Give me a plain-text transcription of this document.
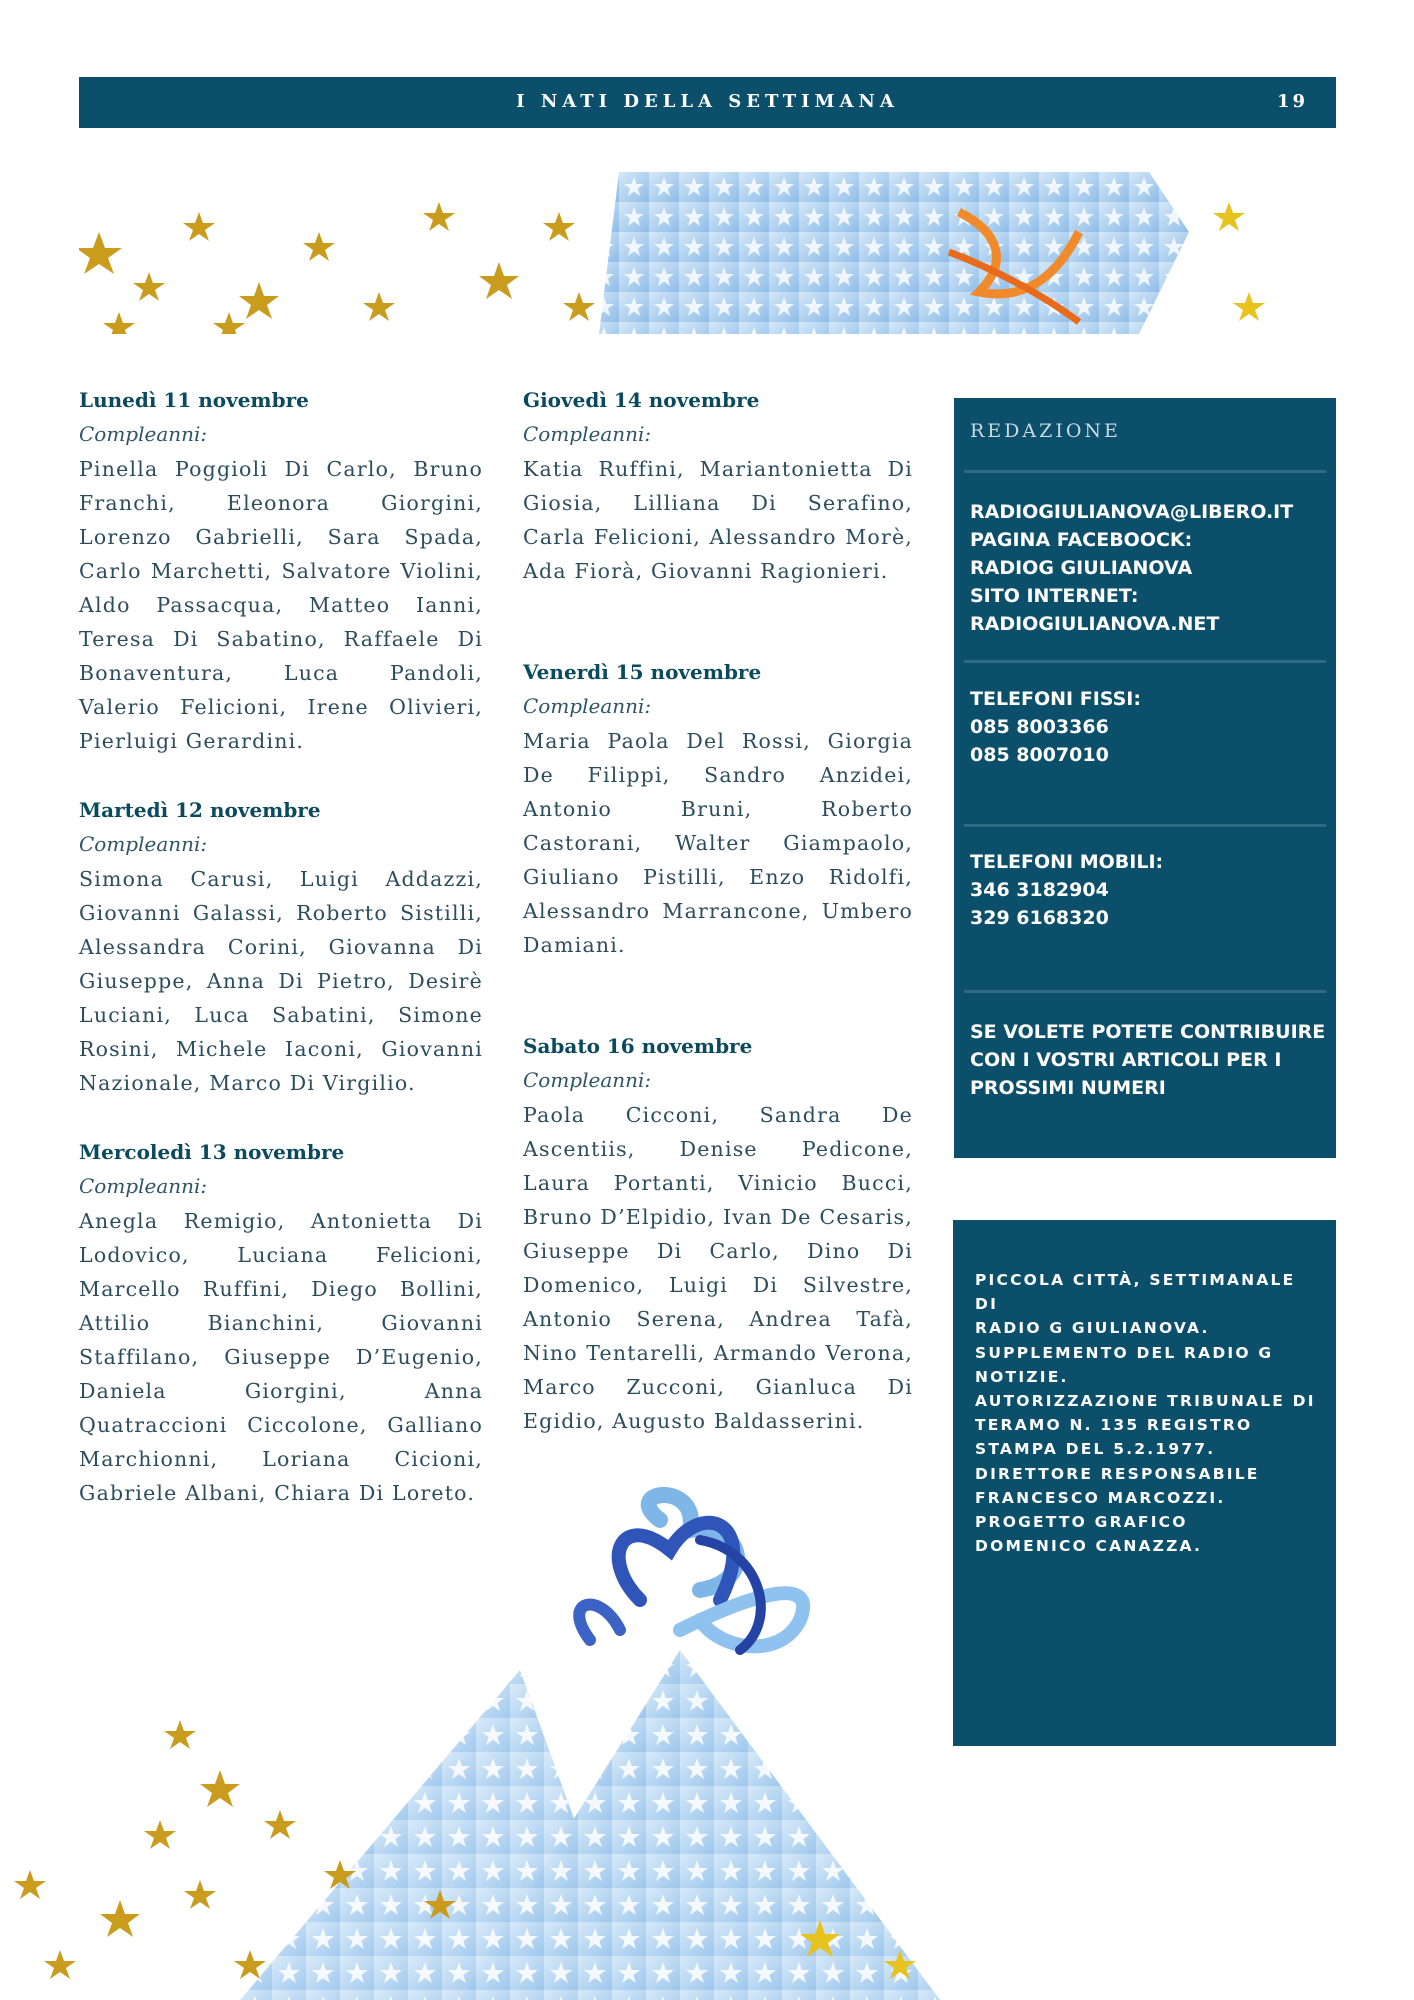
I NATI DELLA SETTIMANA	19
Lunedì 11 novembre
Compleanni:

Pinella Poggioli Di Carlo, Bruno Franchi, Eleonora Giorgini, Lorenzo Gabrielli, Sara Spada, Carlo Marchetti, Salvatore Violini, Aldo Passacqua, Matteo Ianni, Teresa Di Sabatino, Raffaele Di Bonaventura, Luca Pandoli, Valerio Felicioni, Irene Olivieri, Pierluigi Gerardini.

Martedì 12 novembre
Compleanni:

Simona Carusi, Luigi Addazzi, Giovanni Galassi, Roberto Sistilli, Alessandra Corini, Giovanna Di Giuseppe, Anna Di Pietro, Desirè Luciani, Luca Sabatini, Simone Rosini, Michele Iaconi, Giovanni Nazionale, Marco Di Virgilio.

Mercoledì 13 novembre
Compleanni:

Anegla Remigio, Antonietta Di Lodovico, Luciana Felicioni, Marcello Ruffini, Diego Bollini, Attilio Bianchini, Giovanni Staffilano, Giuseppe D’Eugenio, Daniela Giorgini, Anna Quatraccioni Ciccolone, Galliano Marchionni, Loriana Cicioni, Gabriele Albani, Chiara Di Loreto.

Giovedì 14 novembre
Compleanni:

Katia Ruffini, Mariantonietta Di Giosia, Lilliana Di Serafino, Carla Felicioni, Alessandro Morè, Ada Fiorà, Giovanni Ragionieri.

Venerdì 15 novembre
Compleanni:

Maria Paola Del Rossi, Giorgia De Filippi, Sandro Anzidei, Antonio Bruni, Roberto Castorani, Walter Giampaolo, Giuliano Pistilli, Enzo Ridolfi, Alessandro Marrancone, Umbero Damiani.

Sabato 16 novembre
Compleanni:

Paola Cicconi, Sandra De Ascentiis, Denise Pedicone, Laura Portanti, Vinicio Bucci, Bruno D’Elpidio, Ivan De Cesaris, Giuseppe Di Carlo, Dino Di Domenico, Luigi Di Silvestre, Antonio Serena, Andrea Tafà, Nino Tentarelli, Armando Verona, Marco Zucconi, Gianluca Di Egidio, Augusto Baldasserini.

REDAZIONE
RADIOGIULIANOVA@LIBERO.IT
PAGINA FACEBOOCK:
RADIOG GIULIANOVA
SITO INTERNET:
RADIOGIULIANOVA.NET
TELEFONI FISSI:
085 8003366
085 8007010
TELEFONI MOBILI:
346 3182904
329 6168320
SE VOLETE POTETE CONTRIBUIRE
CON I VOSTRI ARTICOLI PER I
PROSSIMI NUMERI
PICCOLA CITTÀ, SETTIMANALE DI
RADIO G GIULIANOVA.
SUPPLEMENTO DEL RADIO G
NOTIZIE.
AUTORIZZAZIONE TRIBUNALE DI
TERAMO N. 135 REGISTRO
STAMPA DEL 5.2.1977.
DIRETTORE RESPONSABILE
FRANCESCO MARCOZZI.
PROGETTO GRAFICO
DOMENICO CANAZZA.
